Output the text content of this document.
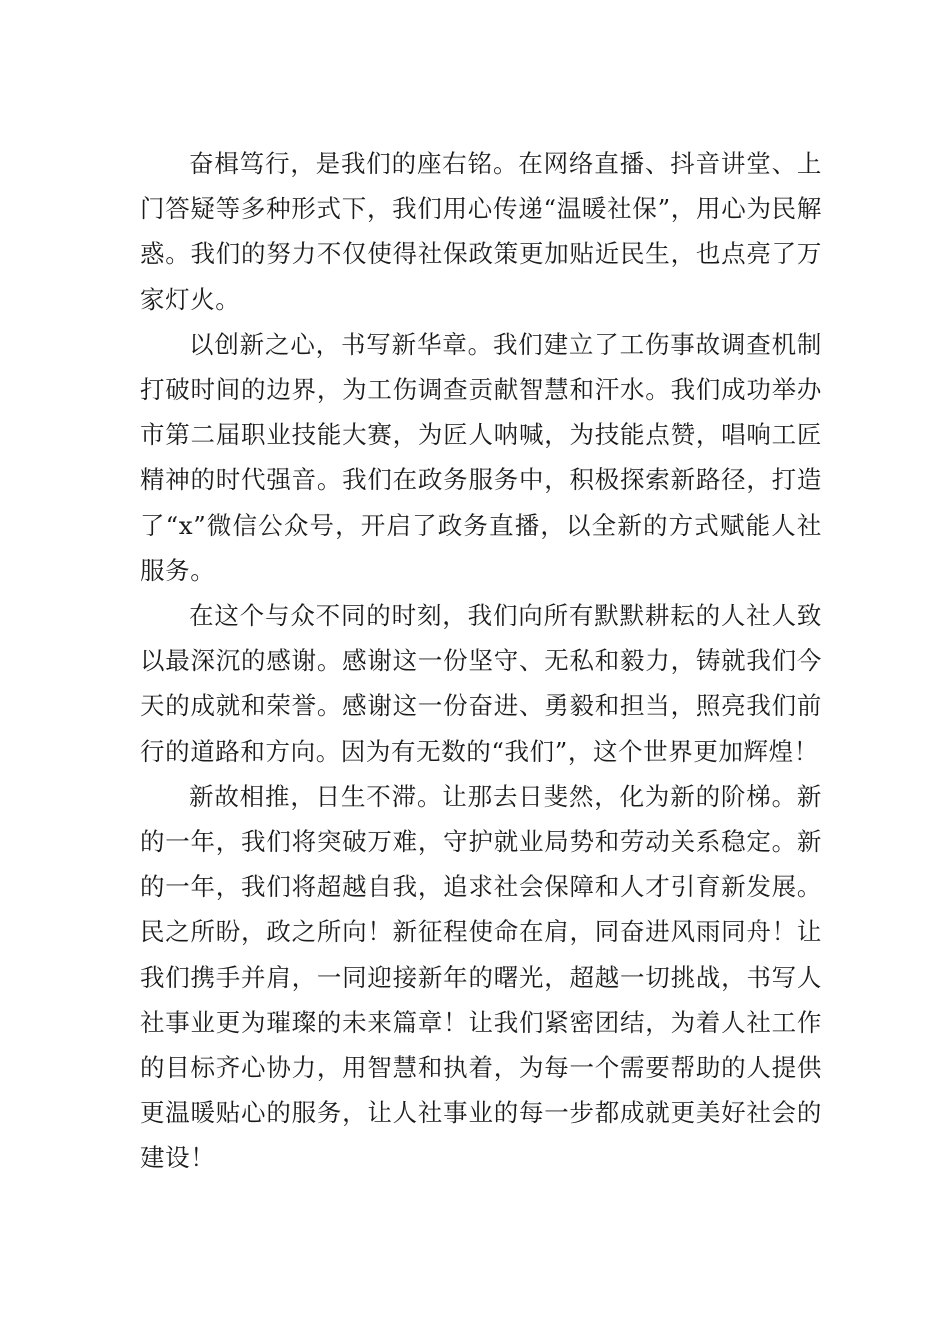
奋楫笃行，是我们的座右铭。在网络直播、抖音讲堂、上门答疑等多种形式下，我们用心传递“温暖社保”，用心为民解惑。我们的努力不仅使得社保政策更加贴近民生，也点亮了万家灯火。

以创新之心，书写新华章。我们建立了工伤事故调查机制打破时间的边界，为工伤调查贡献智慧和汗水。我们成功举办市第二届职业技能大赛，为匠人呐喊，为技能点赞，唱响工匠精神的时代强音。我们在政务服务中，积极探索新路径，打造了“x”微信公众号，开启了政务直播，以全新的方式赋能人社服务。

在这个与众不同的时刻，我们向所有默默耕耘的人社人致以最深沉的感谢。感谢这一份坚守、无私和毅力，铸就我们今天的成就和荣誉。感谢这一份奋进、勇毅和担当，照亮我们前行的道路和方向。因为有无数的“我们”，这个世界更加辉煌！

新故相推，日生不滞。让那去日斐然，化为新的阶梯。新的一年，我们将突破万难，守护就业局势和劳动关系稳定。新的一年，我们将超越自我，追求社会保障和人才引育新发展。民之所盼，政之所向！新征程使命在肩，同奋进风雨同舟！让我们携手并肩，一同迎接新年的曙光，超越一切挑战，书写人社事业更为璀璨的未来篇章！让我们紧密团结，为着人社工作的目标齐心协力，用智慧和执着，为每一个需要帮助的人提供更温暖贴心的服务，让人社事业的每一步都成就更美好社会的建设！
